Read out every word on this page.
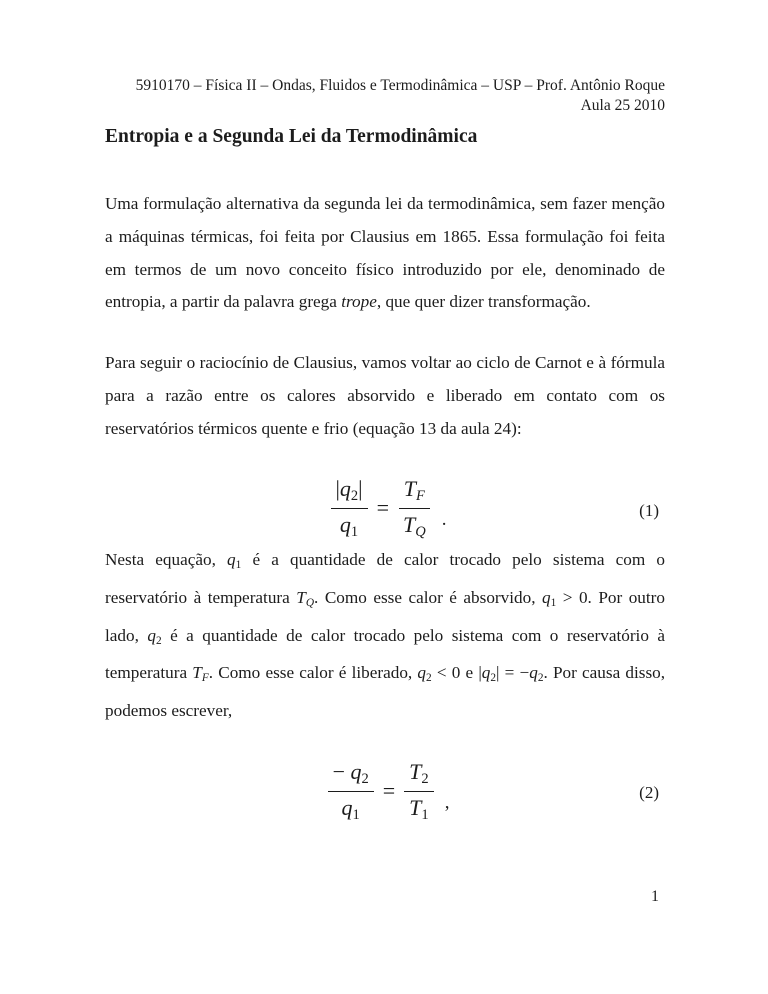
5910170 – Física II – Ondas, Fluidos e Termodinâmica – USP – Prof. Antônio Roque
Aula 25 2010
Entropia e a Segunda Lei da Termodinâmica

Uma formulação alternativa da segunda lei da termodinâmica, sem fazer menção a máquinas térmicas, foi feita por Clausius em 1865. Essa formulação foi feita em termos de um novo conceito físico introduzido por ele, denominado de entropia, a partir da palavra grega trope, que quer dizer transformação.

Para seguir o raciocínio de Clausius, vamos voltar ao ciclo de Carnot e à fórmula para a razão entre os calores absorvido e liberado em contato com os reservatórios térmicos quente e frio (equação 13 da aula 24):

$\frac{|q2|}{q1} = \frac{TF}{TQ}$ .	(1)

Nesta equação, q1 é a quantidade de calor trocado pelo sistema com o reservatório à temperatura TQ. Como esse calor é absorvido, q1 > 0. Por outro lado, q2 é a quantidade de calor trocado pelo sistema com o reservatório à temperatura TF. Como esse calor é liberado, q2 < 0 e |q2| = −q2. Por causa disso, podemos escrever,

$\frac{- q2}{q1} = \frac{T2}{T1}$ ,	(2)
1
